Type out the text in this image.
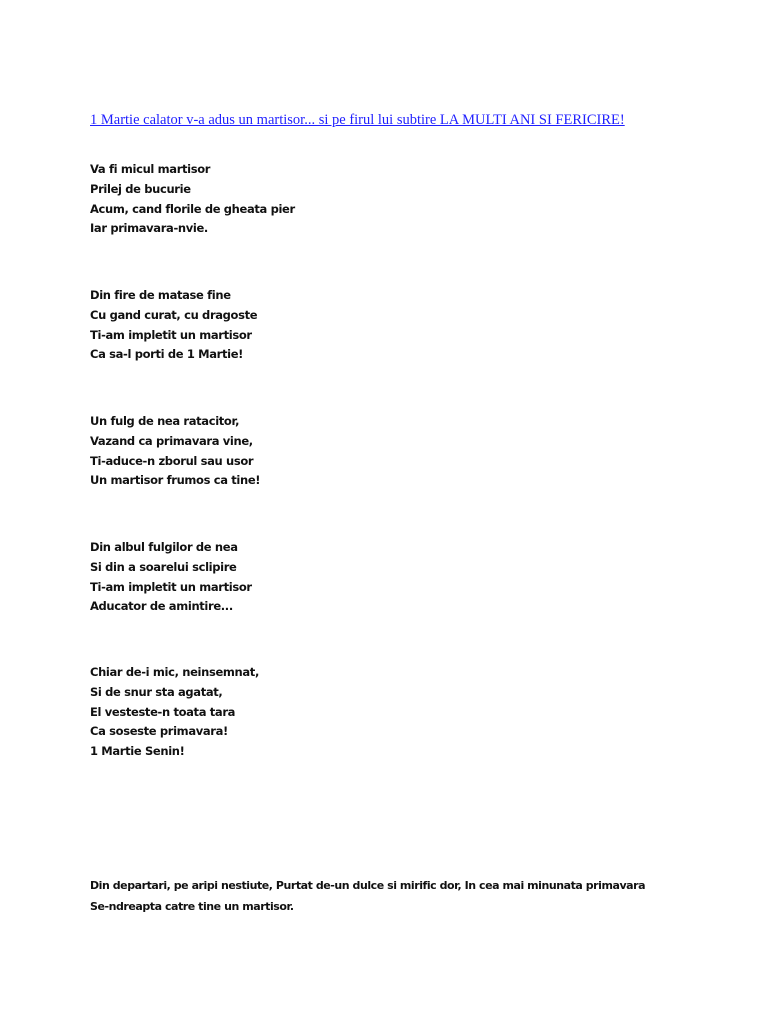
1 Martie calator v-a adus un martisor... si pe firul lui subtire LA MULTI ANI SI FERICIRE!
Va fi micul martisor
Prilej de bucurie
Acum, cand florile de gheata pier
Iar primavara-nvie.
Din fire de matase fine
Cu gand curat, cu dragoste
Ti-am impletit un martisor
Ca sa-l porti de 1 Martie!
Un fulg de nea ratacitor,
Vazand ca primavara vine,
Ti-aduce-n zborul sau usor
Un martisor frumos ca tine!
Din albul fulgilor de nea
Si din a soarelui sclipire
Ti-am impletit un martisor
Aducator de amintire...
Chiar de-i mic, neinsemnat,
Si de snur sta agatat,
El vesteste-n toata tara
Ca soseste primavara!
1 Martie Senin!
Din departari, pe aripi nestiute, Purtat de-un dulce si mirific dor, In cea mai minunata primavara Se-ndreapta catre tine un martisor.
